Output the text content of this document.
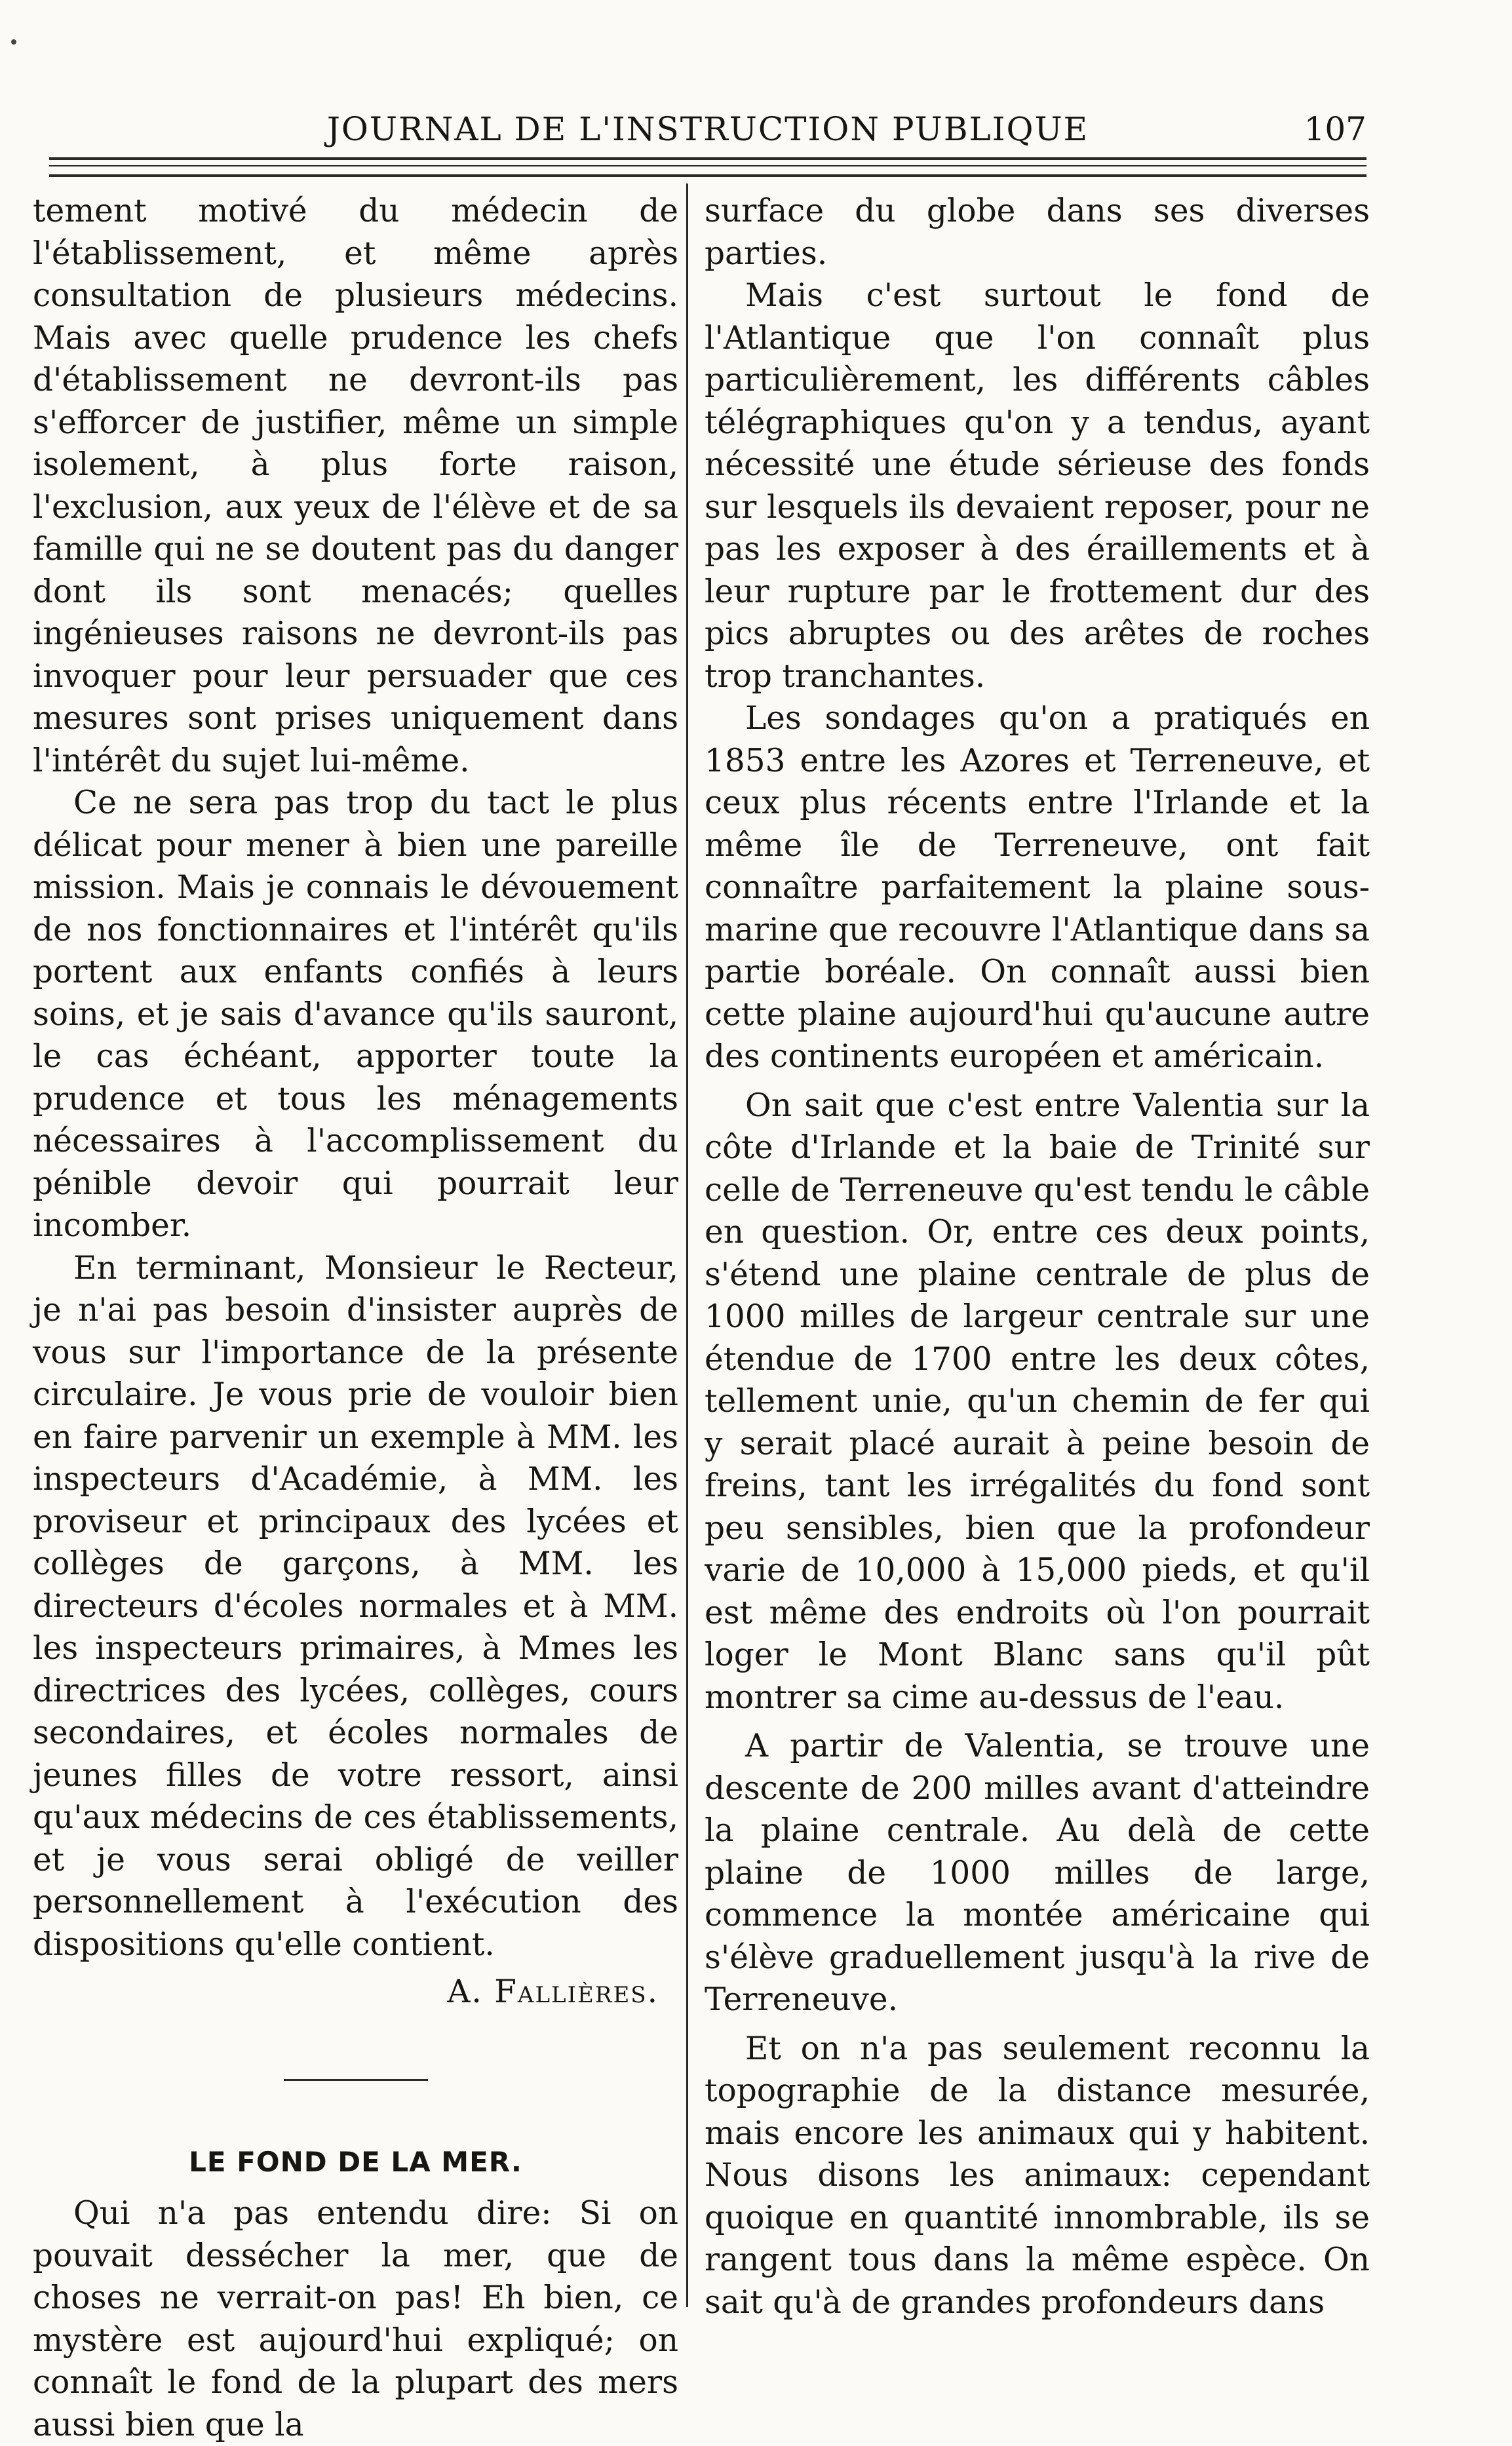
JOURNAL DE L'INSTRUCTION PUBLIQUE	107

tement motivé du médecin de l'établissement, et même après consultation de plusieurs médecins. Mais avec quelle prudence les chefs d'établissement ne devront-ils pas s'efforcer de justifier, même un simple isolement, à plus forte raison, l'exclusion, aux yeux de l'élève et de sa famille qui ne se doutent pas du danger dont ils sont menacés; quelles ingénieuses raisons ne devront-ils pas invoquer pour leur persuader que ces mesures sont prises uniquement dans l'intérêt du sujet lui-même.

Ce ne sera pas trop du tact le plus délicat pour mener à bien une pareille mission. Mais je connais le dévouement de nos fonctionnaires et l'intérêt qu'ils portent aux enfants confiés à leurs soins, et je sais d'avance qu'ils sauront, le cas échéant, apporter toute la prudence et tous les ménagements nécessaires à l'accomplissement du pénible devoir qui pourrait leur incomber.

En terminant, Monsieur le Recteur, je n'ai pas besoin d'insister auprès de vous sur l'importance de la présente circulaire. Je vous prie de vouloir bien en faire parvenir un exemple à MM. les inspecteurs d'Académie, à MM. les proviseur et principaux des lycées et collèges de garçons, à MM. les directeurs d'écoles normales et à MM. les inspecteurs primaires, à Mmes les directrices des lycées, collèges, cours secondaires, et écoles normales de jeunes filles de votre ressort, ainsi qu'aux médecins de ces établissements, et je vous serai obligé de veiller personnellement à l'exécution des dispositions qu'elle contient.

A. Fallières.
LE FOND DE LA MER.

Qui n'a pas entendu dire: Si on pouvait dessécher la mer, que de choses ne verrait-on pas! Eh bien, ce mystère est aujourd'hui expliqué; on connaît le fond de la plupart des mers aussi bien que la

surface du globe dans ses diverses parties.

Mais c'est surtout le fond de l'Atlantique que l'on connaît plus particulièrement, les différents câbles télégraphiques qu'on y a tendus, ayant nécessité une étude sérieuse des fonds sur lesquels ils devaient reposer, pour ne pas les exposer à des éraillements et à leur rupture par le frottement dur des pics abruptes ou des arêtes de roches trop tranchantes.

Les sondages qu'on a pratiqués en 1853 entre les Azores et Terreneuve, et ceux plus récents entre l'Irlande et la même île de Terreneuve, ont fait connaître parfaitement la plaine sous-marine que recouvre l'Atlantique dans sa partie boréale. On connaît aussi bien cette plaine aujourd'hui qu'aucune autre des continents européen et américain.

On sait que c'est entre Valentia sur la côte d'Irlande et la baie de Trinité sur celle de Terreneuve qu'est tendu le câble en question. Or, entre ces deux points, s'étend une plaine centrale de plus de 1000 milles de largeur centrale sur une étendue de 1700 entre les deux côtes, tellement unie, qu'un chemin de fer qui y serait placé aurait à peine besoin de freins, tant les irrégalités du fond sont peu sensibles, bien que la profondeur varie de 10,000 à 15,000 pieds, et qu'il est même des endroits où l'on pourrait loger le Mont Blanc sans qu'il pût montrer sa cime au-dessus de l'eau.

A partir de Valentia, se trouve une descente de 200 milles avant d'atteindre la plaine centrale. Au delà de cette plaine de 1000 milles de large, commence la montée américaine qui s'élève graduellement jusqu'à la rive de Terreneuve.

Et on n'a pas seulement reconnu la topographie de la distance mesurée, mais encore les animaux qui y habitent. Nous disons les animaux: cependant quoique en quantité innombrable, ils se rangent tous dans la même espèce. On sait qu'à de grandes profondeurs dans
